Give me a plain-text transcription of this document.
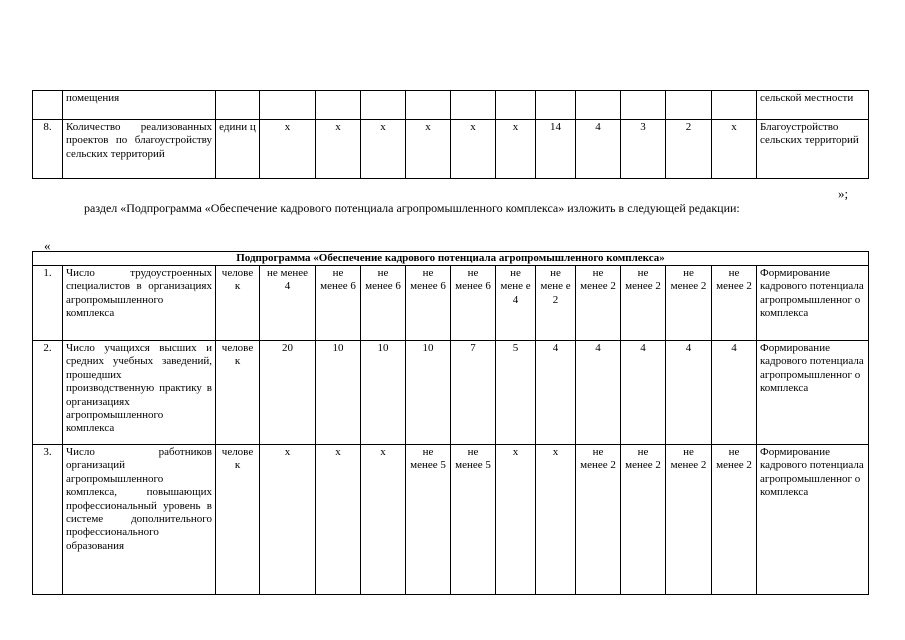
	помещения													сельской местности
8.	Количество реализованных проектов по благоустройству сельских территорий	едини ц	х	х	х	х	х	х	14	4	3	2	х	Благоустройство сельских территорий
»;
раздел «Подпрограмма «Обеспечение кадрового потенциала агропромышленного комплекса» изложить в следующей редакции:
«
Подпрограмма «Обеспечение кадрового потенциала агропромышленного комплекса»														
1.	Число трудоустроенных специалистов в организациях агропромышленного комплекса	челове к	не менее 4	не менее 6	не менее 6	не менее 6	не менее 6	не мене е 4	не мене е 2	не менее 2	не менее 2	не менее 2	не менее 2	Формирование кадрового потенциала агропромышленног о комплекса
2.	Число учащихся высших и средних учебных заведений, прошедших производственную практику в организациях агропромышленного комплекса	челове к	20	10	10	10	7	5	4	4	4	4	4	Формирование кадрового потенциала агропромышленног о комплекса
3.	Число работников организаций агропромышленного комплекса, повышающих профессиональный уровень в системе дополнительного профессионального образования	челове к	х	х	х	не менее 5	не менее 5	х	х	не менее 2	не менее 2	не менее 2	не менее 2	Формирование кадрового потенциала агропромышленног о комплекса
